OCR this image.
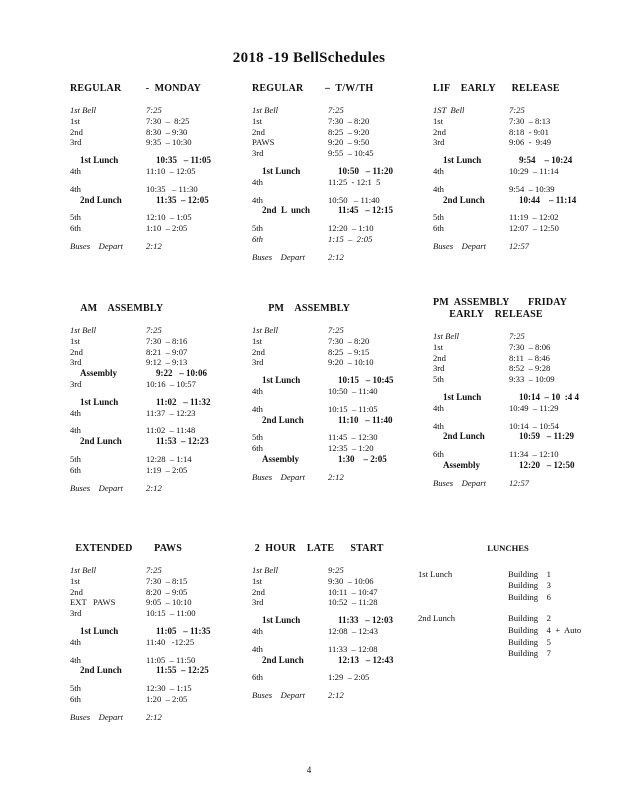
2018 -19 BellSchedules
REGULAR         -  MONDAY
1st Bell	7:25
1st	7:30  –  8:25
2nd	8:30  – 9:30
3rd	9:35  – 10:30
1st Lunch	10:35   – 11:05
4th	11:10  – 12:05
4th	10:35   – 11:30
2nd Lunch	11:35  – 12:05
5th	12:10  – 1:05
6th	1:10  – 2:05
Buses    Depart	2:12
REGULAR        –  T/W/TH
1st Bell	7:25
1st	7:30  – 8:20
2nd	8:25  – 9:20
PAWS	9:20  – 9:50
3rd	9:55  – 10:45
1st Lunch	10:50   – 11:20
4th	11:25  - 12:1  5
4th	10:50   – 11:40
2nd  L  unch	11:45   – 12:15
5th	12:20  – 1:10
6th	1:15  –  2:05
Buses    Depart	2:12
LIF    EARLY      RELEASE
1ST  Bell	7:25
1st	7:30  – 8:13
2nd	8:18  - 9:01
3rd	9:06  -  9:49
1st Lunch	9:54    – 10:24
4th	10:29  – 11:14
4th	9:54  – 10:39
2nd Lunch	10:44    – 11:14
5th	11:19  – 12:02
6th	12:07  – 12:50
Buses    Depart	12:57
AM    ASSEMBLY
1st Bell	7:25
1st	7:30  – 8:16
2nd	8:21  – 9:07
3rd	9:12  – 9:13
Assembly	9:22   – 10:06
3rd	10:16  – 10:57
1st Lunch	11:02   – 11:32
4th	11:37  – 12:23
4th	11:02  – 11:48
2nd Lunch	11:53  – 12:23
5th	12:28  – 1:14
6th	1:19  – 2:05
Buses    Depart	2:12
PM    ASSEMBLY
1st Bell	7:25
1st	7:30  – 8:20
2nd	8:25  – 9:15
3rd	9:20  – 10:10
1st Lunch	10:15   – 10:45
4th	10:50  – 11:40
4th	10:15  – 11:05
2nd Lunch	11:10   – 11:40
5th	11:45  – 12:30
6th	12:35  – 1:20
Assembly	1:30    – 2:05
Buses    Depart	2:12
PM  ASSEMBLY       FRIDAY
EARLY    RELEASE
1st Bell	7:25
1st	7:30  – 8:06
2nd	8:11  – 8:46
3rd	8:52  – 9:28
5th	9:33  – 10:09
1st Lunch	10:14  – 10  :4 4
4th	10:49  – 11:29
4th	10:14  – 10:54
2nd Lunch	10:59   – 11:29
6th	11:34  – 12:10
Assembly	12:20   – 12:50
Buses    Depart	12:57
EXTENDED        PAWS
1st Bell	7:25
1st	7:30  – 8:15
2nd	8:20  – 9:05
EXT   PAWS	9:05  – 10:10
3rd	10:15  – 11:00
1st Lunch	11:05   – 11:35
4th	11:40   -12:25
4th	11:05  – 11:50
2nd Lunch	11:55  – 12:25
5th	12:30  – 1:15
6th	1:20  – 2:05
Buses    Depart	2:12
2  HOUR    LATE      START
1st Bell	9:25
1st	9:30  – 10:06
2nd	10:11  – 10:47
3rd	10:52  – 11:28
1st Lunch	11:33   – 12:03
4th	12:08  – 12:43
4th	11:33  – 12:08
2nd Lunch	12:13   – 12:43
6th	1:29  – 2:05
Buses    Depart	2:12
LUNCHES
1st Lunch	Building    1
Building    3
Building    6
2nd Lunch	Building    2
Building    4  +  Auto
Building    5
Building    7
4
